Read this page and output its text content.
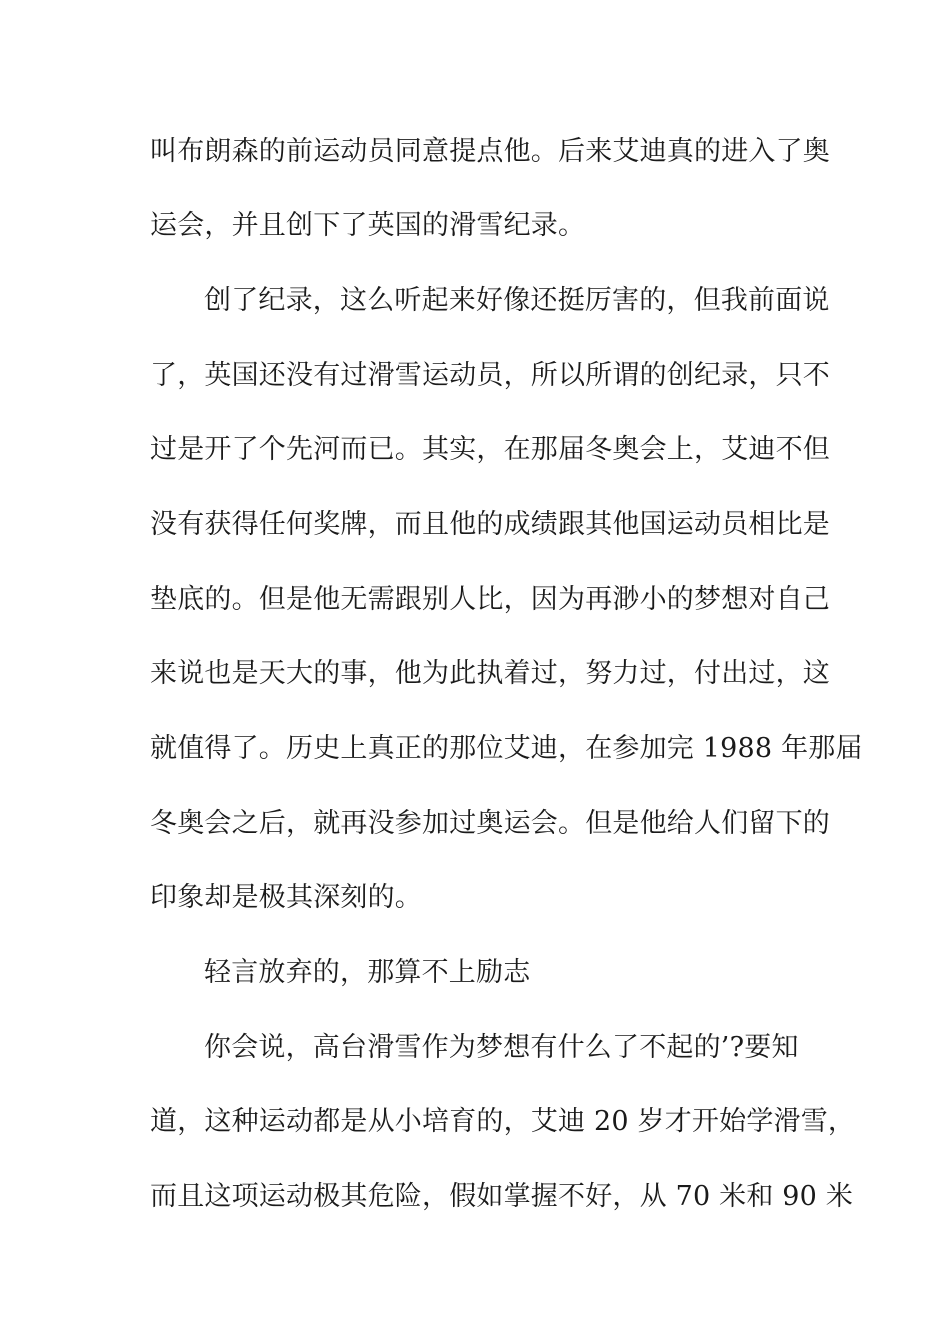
叫布朗森的前运动员同意提点他。后来艾迪真的进入了奥
运会，并且创下了英国的滑雪纪录。
创了纪录，这么听起来好像还挺厉害的，但我前面说
了，英国还没有过滑雪运动员，所以所谓的创纪录，只不
过是开了个先河而已。其实，在那届冬奥会上，艾迪不但
没有获得任何奖牌，而且他的成绩跟其他国运动员相比是
垫底的。但是他无需跟别人比，因为再渺小的梦想对自己
来说也是天大的事，他为此执着过，努力过，付出过，这
就值得了。历史上真正的那位艾迪，在参加完 1988 年那届
冬奥会之后，就再没参加过奥运会。但是他给人们留下的
印象却是极其深刻的。
轻言放弃的，那算不上励志
你会说，高台滑雪作为梦想有什么了不起的’?要知
道，这种运动都是从小培育的，艾迪 20 岁才开始学滑雪，
而且这项运动极其危险，假如掌握不好，从 70 米和 90 米
